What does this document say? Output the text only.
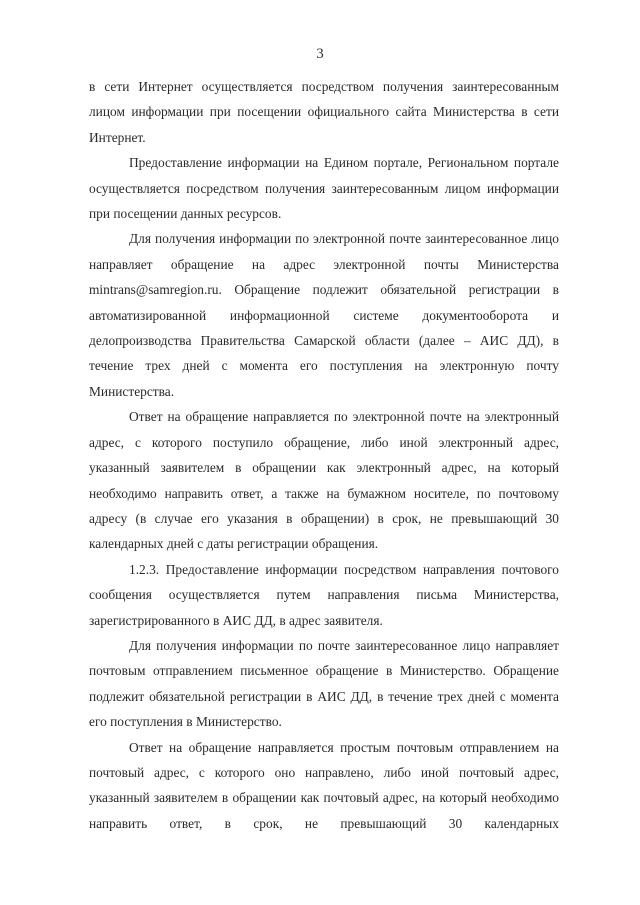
3

в сети Интернет осуществляется посредством получения заинтересованным лицом информации при посещении официального сайта Министерства в сети Интернет.

Предоставление информации на Едином портале, Региональном портале осуществляется посредством получения заинтересованным лицом информации при посещении данных ресурсов.

Для получения информации по электронной почте заинтересованное лицо направляет обращение на адрес электронной почты Министерства mintrans@samregion.ru. Обращение подлежит обязательной регистрации в автоматизированной информационной системе документооборота и делопроизводства Правительства Самарской области (далее – АИС ДД), в течение трех дней с момента его поступления на электронную почту Министерства.

Ответ на обращение направляется по электронной почте на электронный адрес, с которого поступило обращение, либо иной электронный адрес, указанный заявителем в обращении как электронный адрес, на который необходимо направить ответ, а также на бумажном носителе, по почтовому адресу (в случае его указания в обращении) в срок, не превышающий 30 календарных дней с даты регистрации обращения.

1.2.3. Предоставление информации посредством направления почтового сообщения осуществляется путем направления письма Министерства, зарегистрированного в АИС ДД, в адрес заявителя.

Для получения информации по почте заинтересованное лицо направляет почтовым отправлением письменное обращение в Министерство. Обращение подлежит обязательной регистрации в АИС ДД, в течение трех дней с момента его поступления в Министерство.

Ответ на обращение направляется простым почтовым отправлением на почтовый адрес, с которого оно направлено, либо иной почтовый адрес, указанный заявителем в обращении как почтовый адрес, на который необходимо направить ответ, в срок, не превышающий 30 календарных
